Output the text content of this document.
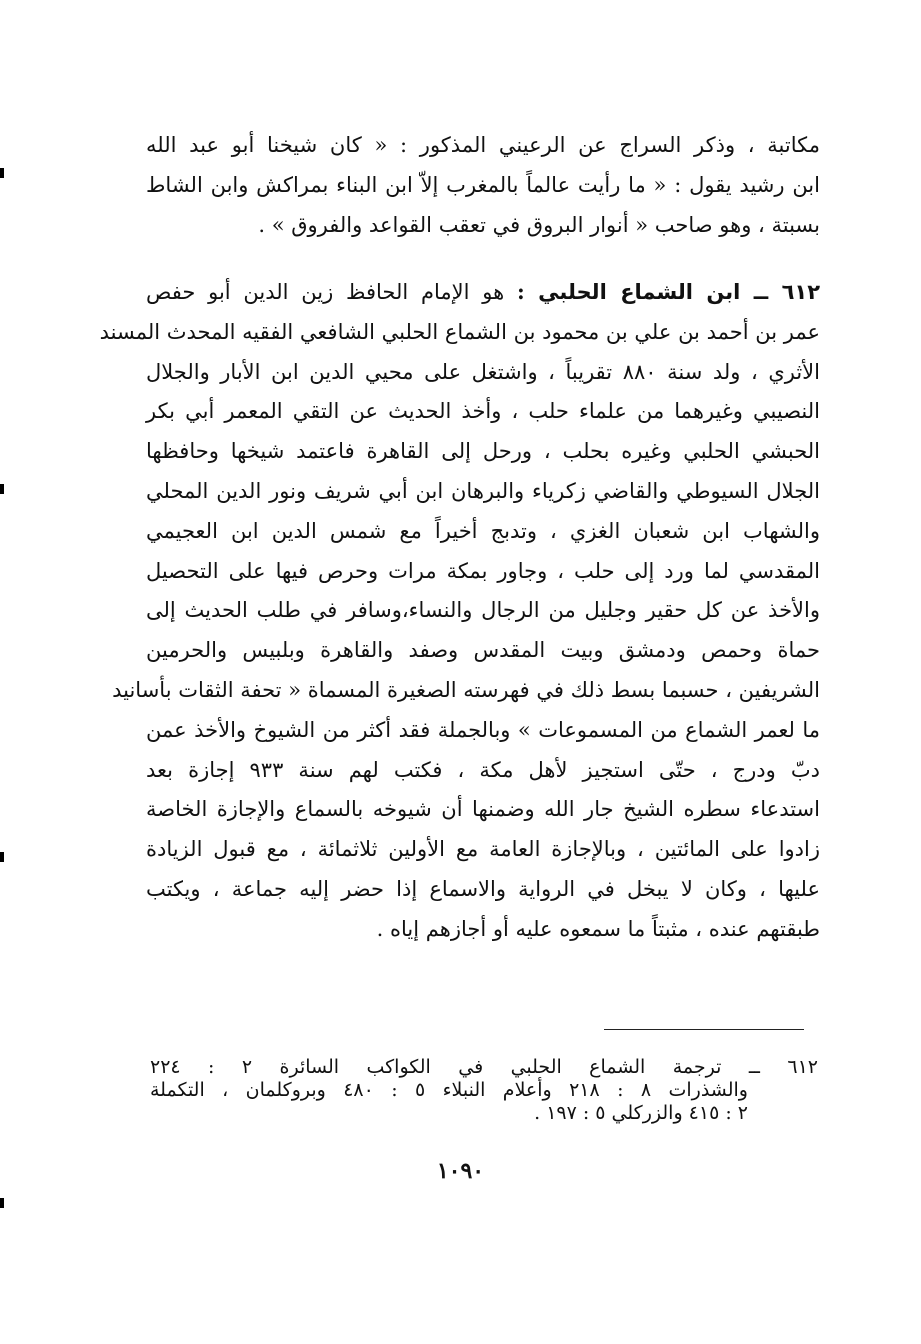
مكاتبة ، وذكر السراج عن الرعيني المذكور : « كان شيخنا أبو عبد الله
ابن رشيد يقول : « ما رأيت عالماً بالمغرب إلاّ ابن البناء بمراكش وابن الشاط
بسبتة ، وهو صاحب « أنوار البروق في تعقب القواعد والفروق » .
٦١٢ ــ ابن الشماع الحلبي : هو الإمام الحافظ زين الدين أبو حفص
عمر بن أحمد بن علي بن محمود بن الشماع الحلبي الشافعي الفقيه المحدث المسند
الأثري ، ولد سنة ٨٨٠ تقريباً ، واشتغل على محيي الدين ابن الأبار والجلال
النصيبي وغيرهما من علماء حلب ، وأخذ الحديث عن التقي المعمر أبي بكر
الحبشي الحلبي وغيره بحلب ، ورحل إلى القاهرة فاعتمد شيخها وحافظها
الجلال السيوطي والقاضي زكرياء والبرهان ابن أبي شريف ونور الدين المحلي
والشهاب ابن شعبان الغزي ، وتدبج أخيراً مع شمس الدين ابن العجيمي
المقدسي لما ورد إلى حلب ، وجاور بمكة مرات وحرص فيها على التحصيل
والأخذ عن كل حقير وجليل من الرجال والنساء،وسافر في طلب الحديث إلى
حماة وحمص ودمشق وبيت المقدس وصفد والقاهرة وبلبيس والحرمين
الشريفين ، حسبما بسط ذلك في فهرسته الصغيرة المسماة « تحفة الثقات بأسانيد
ما لعمر الشماع من المسموعات » وبالجملة فقد أكثر من الشيوخ والأخذ عمن
دبّ ودرج ، حتّى استجيز لأهل مكة ، فكتب لهم سنة ٩٣٣ إجازة بعد
استدعاء سطره الشيخ جار الله وضمنها أن شيوخه بالسماع والإجازة الخاصة
زادوا على المائتين ، وبالإجازة العامة مع الأولين ثلاثمائة ، مع قبول الزيادة
عليها ، وكان لا يبخل في الرواية والاسماع إذا حضر إليه جماعة ، ويكتب
طبقتهم عنده ، مثبتاً ما سمعوه عليه أو أجازهم إياه .
٦١٢ ــ ترجمة الشماع الحلبي في الكواكب السائرة ٢ : ٢٢٤
والشذرات ٨ : ٢١٨ وأعلام النبلاء ٥ : ٤٨٠ وبروكلمان ، التكملة
٢ : ٤١٥ والزركلي ٥ : ١٩٧ .
١٠٩٠
